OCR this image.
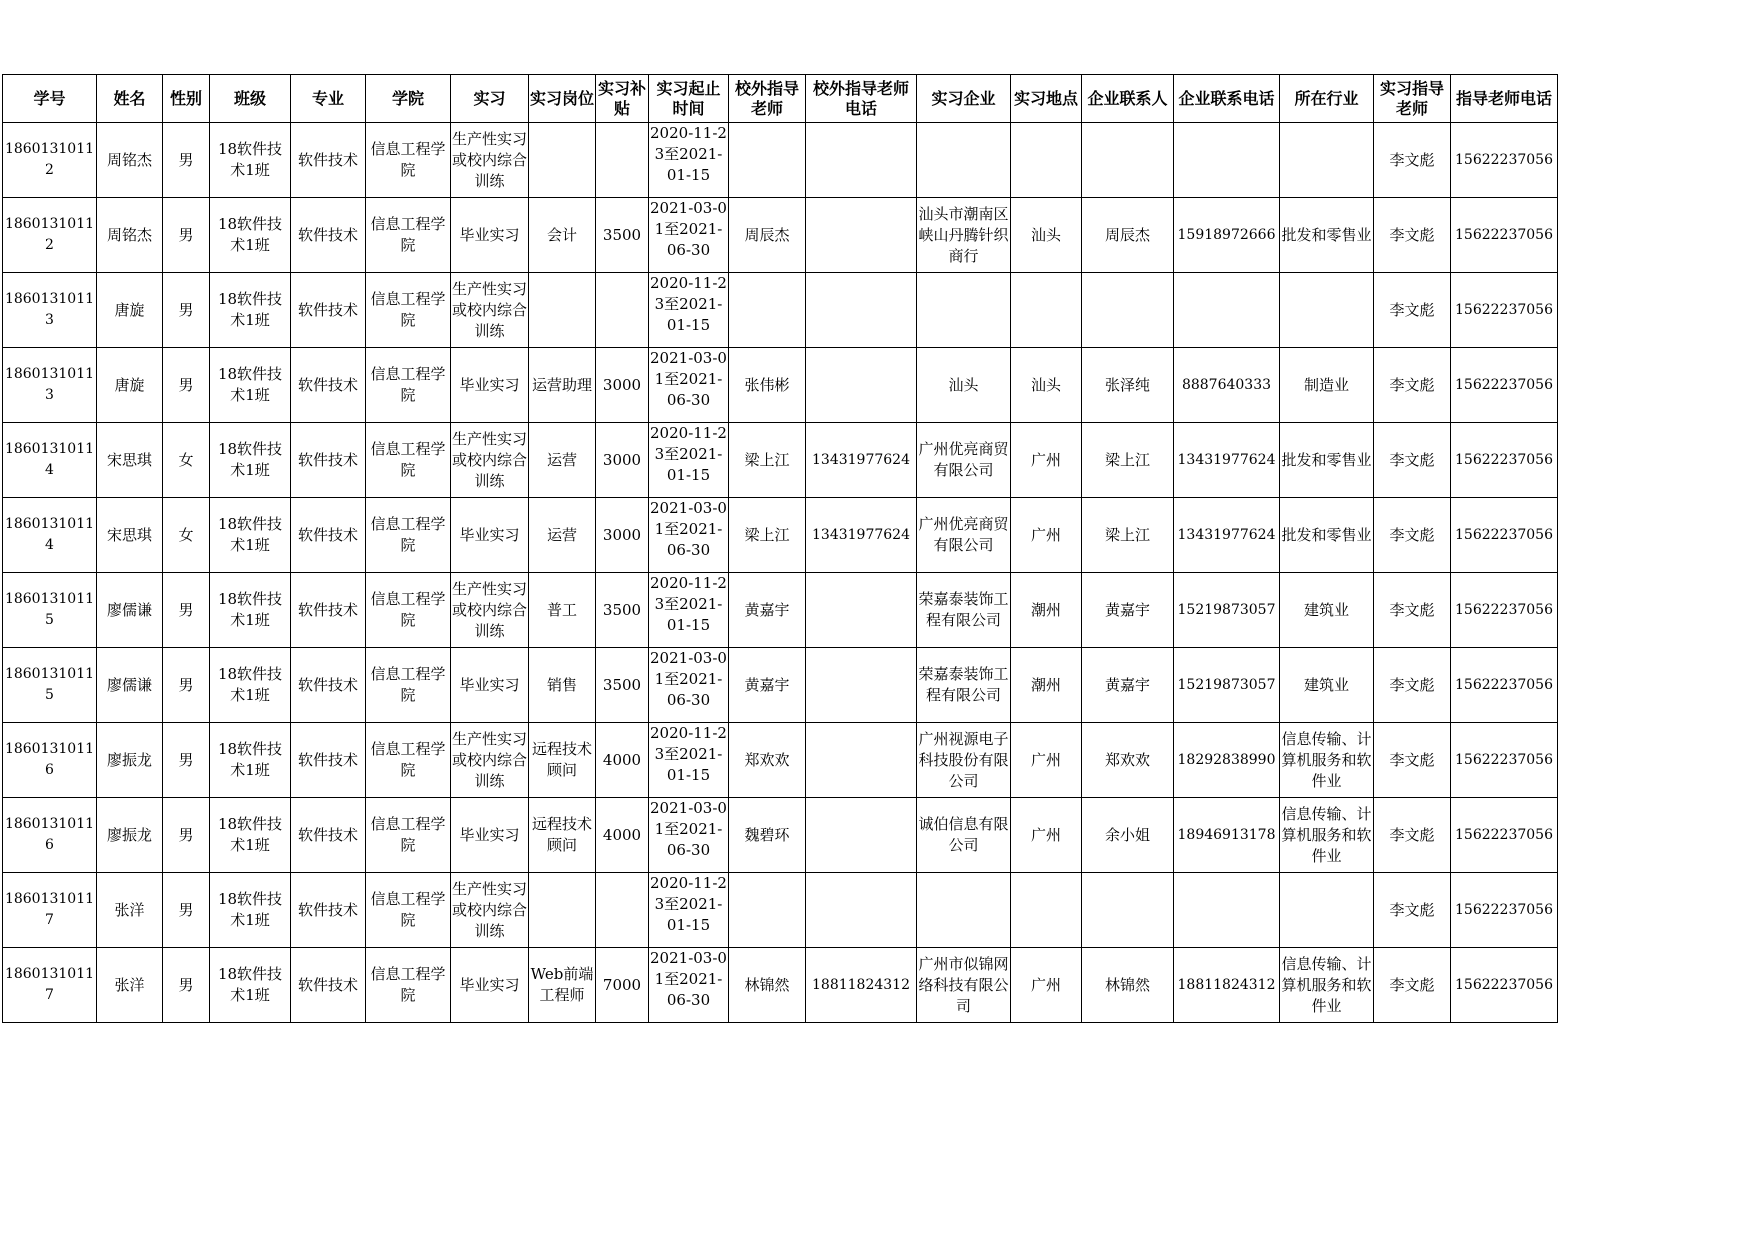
学号	姓名	性别	班级	专业	学院	实习	实习岗位	实习补贴	实习起止时间	校外指导老师	校外指导老师电话	实习企业	实习地点	企业联系人	企业联系电话	所在行业	实习指导老师	指导老师电话
18601310112	周铭杰	男	18软件技术1班	软件技术	信息工程学院	生产性实习或校内综合训练			2020-11-23至2021-01-15								李文彪	15622237056
18601310112	周铭杰	男	18软件技术1班	软件技术	信息工程学院	毕业实习	会计	3500	2021-03-01至2021-06-30	周辰杰		汕头市潮南区峡山丹腾针织商行	汕头	周辰杰	15918972666	批发和零售业	李文彪	15622237056
18601310113	唐旋	男	18软件技术1班	软件技术	信息工程学院	生产性实习或校内综合训练			2020-11-23至2021-01-15								李文彪	15622237056
18601310113	唐旋	男	18软件技术1班	软件技术	信息工程学院	毕业实习	运营助理	3000	2021-03-01至2021-06-30	张伟彬		汕头	汕头	张泽纯	8887640333	制造业	李文彪	15622237056
18601310114	宋思琪	女	18软件技术1班	软件技术	信息工程学院	生产性实习或校内综合训练	运营	3000	2020-11-23至2021-01-15	梁上江	13431977624	广州优亮商贸有限公司	广州	梁上江	13431977624	批发和零售业	李文彪	15622237056
18601310114	宋思琪	女	18软件技术1班	软件技术	信息工程学院	毕业实习	运营	3000	2021-03-01至2021-06-30	梁上江	13431977624	广州优亮商贸有限公司	广州	梁上江	13431977624	批发和零售业	李文彪	15622237056
18601310115	廖儒谦	男	18软件技术1班	软件技术	信息工程学院	生产性实习或校内综合训练	普工	3500	2020-11-23至2021-01-15	黄嘉宇		荣嘉泰装饰工程有限公司	潮州	黄嘉宇	15219873057	建筑业	李文彪	15622237056
18601310115	廖儒谦	男	18软件技术1班	软件技术	信息工程学院	毕业实习	销售	3500	2021-03-01至2021-06-30	黄嘉宇		荣嘉泰装饰工程有限公司	潮州	黄嘉宇	15219873057	建筑业	李文彪	15622237056
18601310116	廖振龙	男	18软件技术1班	软件技术	信息工程学院	生产性实习或校内综合训练	远程技术顾问	4000	2020-11-23至2021-01-15	郑欢欢		广州视源电子科技股份有限公司	广州	郑欢欢	18292838990	信息传输、计算机服务和软件业	李文彪	15622237056
18601310116	廖振龙	男	18软件技术1班	软件技术	信息工程学院	毕业实习	远程技术顾问	4000	2021-03-01至2021-06-30	魏碧环		诚伯信息有限公司	广州	余小姐	18946913178	信息传输、计算机服务和软件业	李文彪	15622237056
18601310117	张洋	男	18软件技术1班	软件技术	信息工程学院	生产性实习或校内综合训练			2020-11-23至2021-01-15								李文彪	15622237056
18601310117	张洋	男	18软件技术1班	软件技术	信息工程学院	毕业实习	Web前端工程师	7000	2021-03-01至2021-06-30	林锦然	18811824312	广州市似锦网络科技有限公司	广州	林锦然	18811824312	信息传输、计算机服务和软件业	李文彪	15622237056
